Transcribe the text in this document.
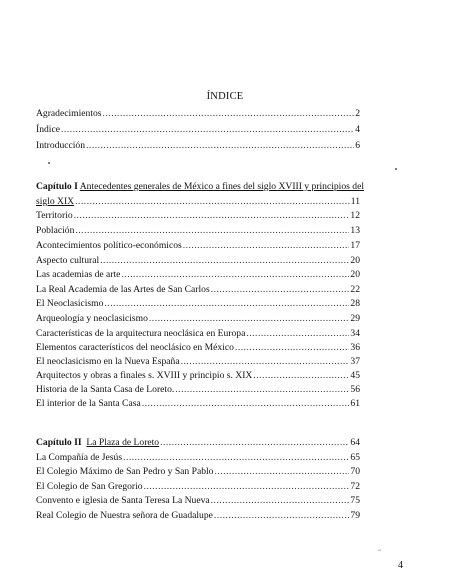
ÍNDICE
Agradecimientos .....	2
Índice .....	4
Introducción .....	6
Capítulo I Antecedentes generales de México a fines del siglo XVIII y principios del
siglo XIX .....	11
Territorio .....	12
Población .....	13
Acontecimientos político-económicos .....	17
Aspecto cultural .....	20
Las academias de arte .....	20
La Real Academia de las Artes de San Carlos .....	22
El Neoclasicismo .....	28
Arqueología y neoclasicismo .....	29
Características de la arquitectura neoclásica en Europa .....	34
Elementos característicos del neoclásico en México .....	36
El neoclasicismo en la Nueva España .....	37
Arquitectos y obras a finales s. XVIII y principio s. XIX .....	45
Historia de la Santa Casa de Loreto. .....	56
El interior de la Santa Casa .....	61
Capítulo II La Plaza de Loreto .....	64
La Compañía de Jesús .....	65
El Colegio Máximo de San Pedro y San Pablo .....	70
El Colegio de San Gregorio .....	72
Convento e iglesia de Santa Teresa La Nueva .....	75
Real Colegio de Nuestra señora de Guadalupe .....	79
~
4
